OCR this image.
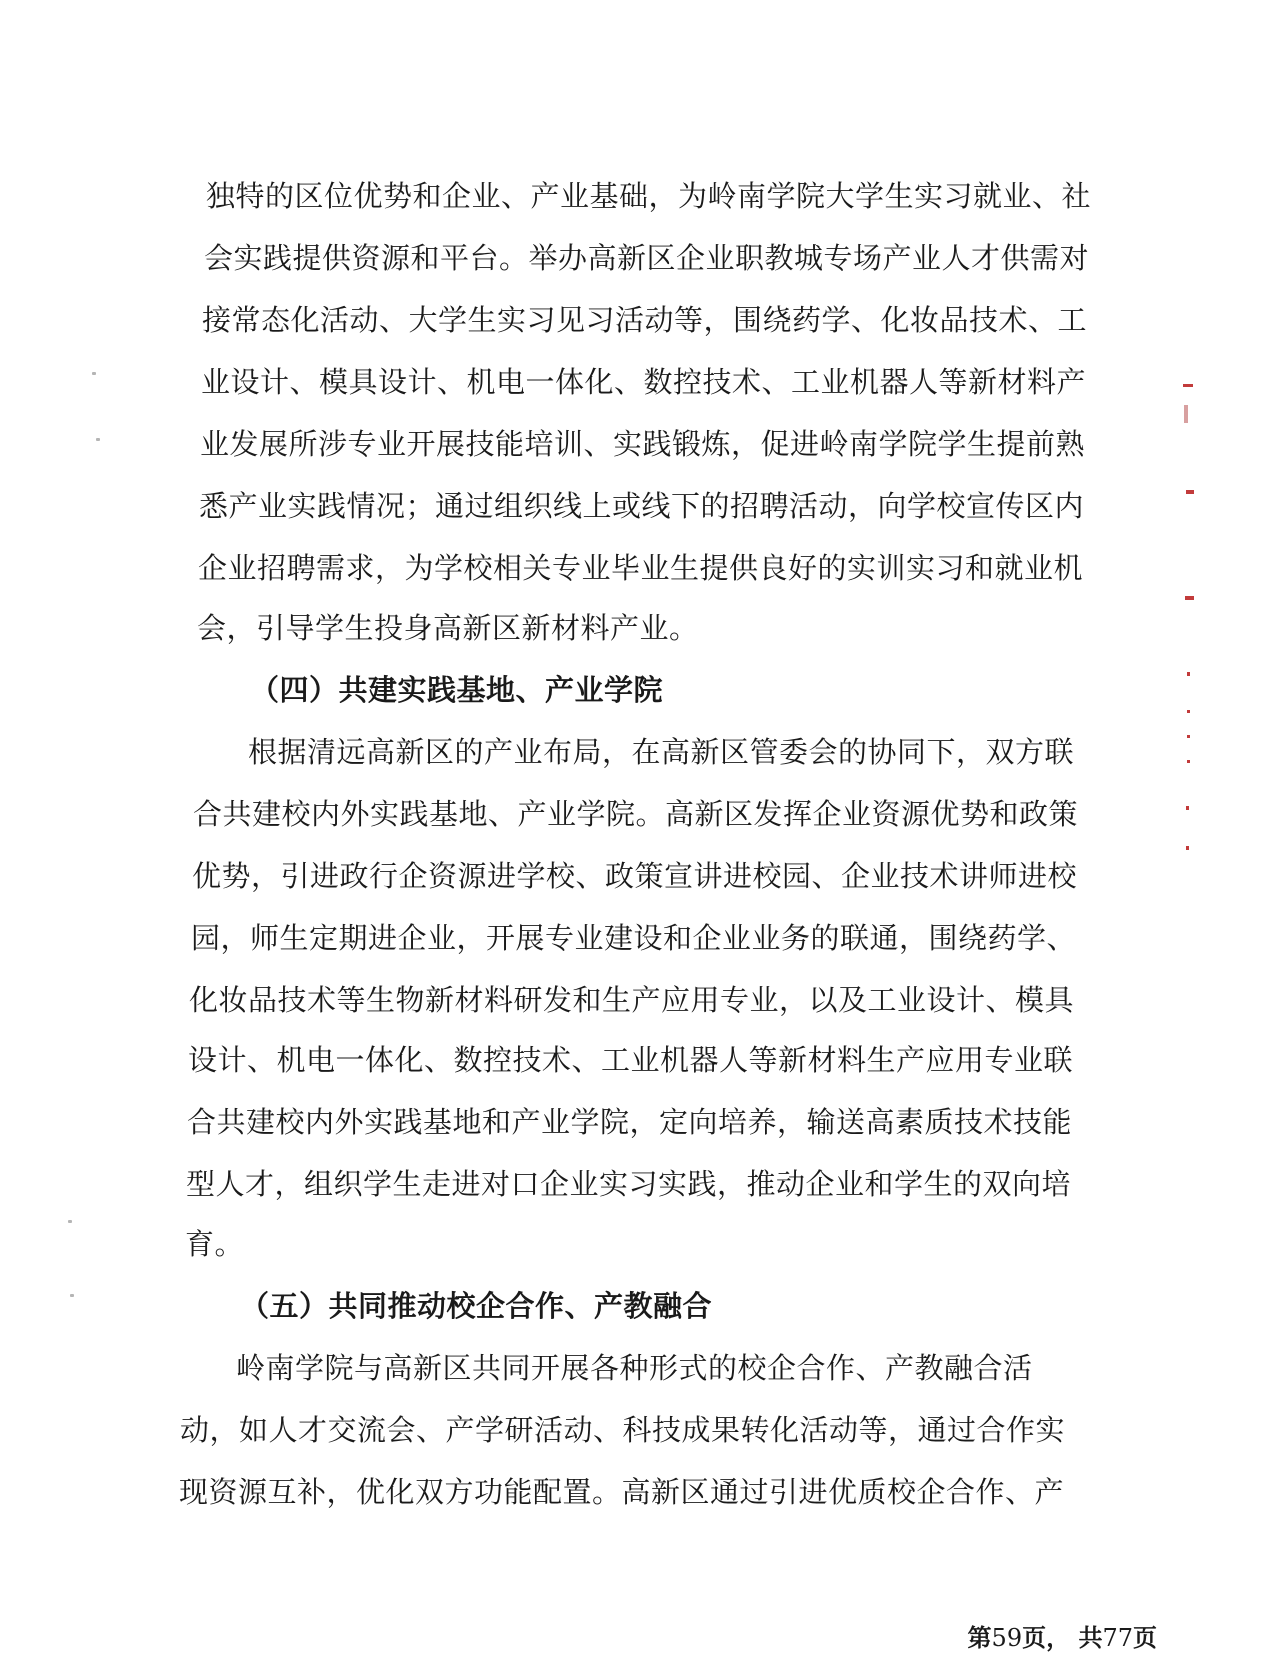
独特的区位优势和企业、产业基础，为岭南学院大学生实习就业、社
会实践提供资源和平台。举办高新区企业职教城专场产业人才供需对
接常态化活动、大学生实习见习活动等，围绕药学、化妆品技术、工
业设计、模具设计、机电一体化、数控技术、工业机器人等新材料产
业发展所涉专业开展技能培训、实践锻炼，促进岭南学院学生提前熟
悉产业实践情况；通过组织线上或线下的招聘活动，向学校宣传区内
企业招聘需求，为学校相关专业毕业生提供良好的实训实习和就业机
会，引导学生投身高新区新材料产业。
（四）共建实践基地、产业学院
根据清远高新区的产业布局，在高新区管委会的协同下，双方联
合共建校内外实践基地、产业学院。高新区发挥企业资源优势和政策
优势，引进政行企资源进学校、政策宣讲进校园、企业技术讲师进校
园，师生定期进企业，开展专业建设和企业业务的联通，围绕药学、
化妆品技术等生物新材料研发和生产应用专业，以及工业设计、模具
设计、机电一体化、数控技术、工业机器人等新材料生产应用专业联
合共建校内外实践基地和产业学院，定向培养，输送高素质技术技能
型人才，组织学生走进对口企业实习实践，推动企业和学生的双向培
育。
（五）共同推动校企合作、产教融合
岭南学院与高新区共同开展各种形式的校企合作、产教融合活
动，如人才交流会、产学研活动、科技成果转化活动等，通过合作实
现资源互补，优化双方功能配置。高新区通过引进优质校企合作、产
第59页， 共77页
